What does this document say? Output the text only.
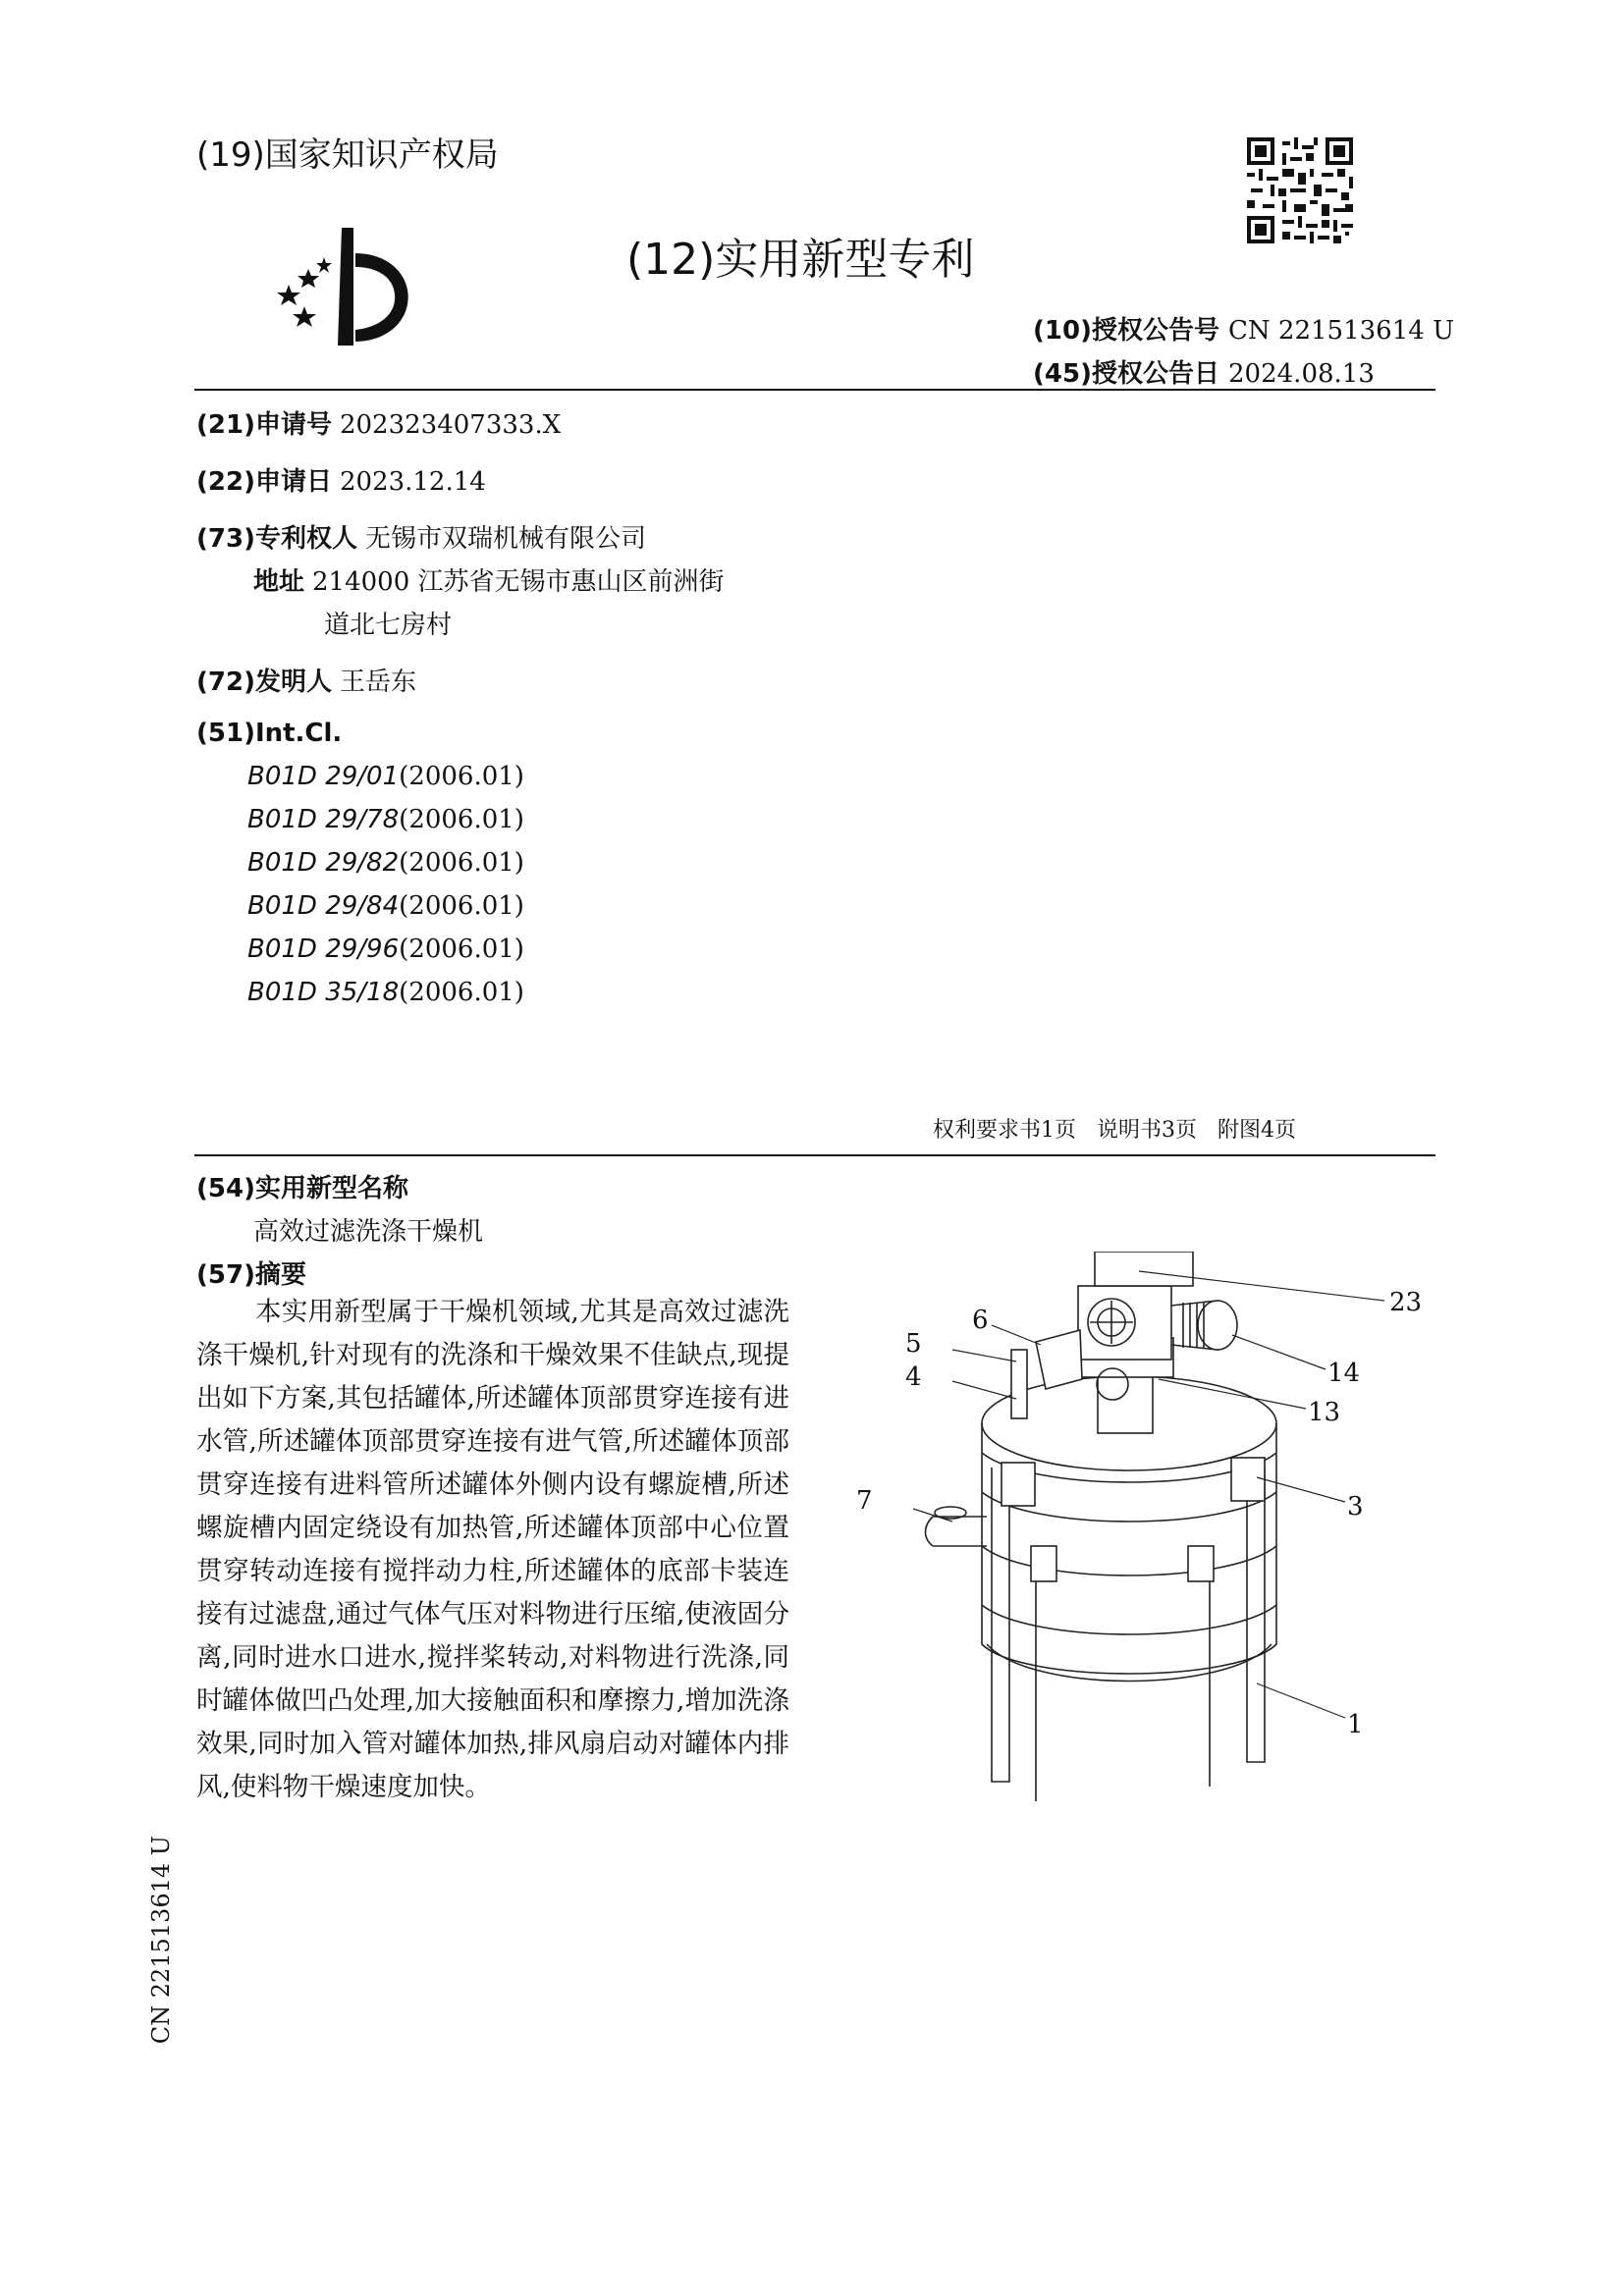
(19)国家知识产权局
(12)实用新型专利
(10)授权公告号 CN 221513614 U
(45)授权公告日 2024.08.13
(21)申请号 202323407333.X
(22)申请日 2023.12.14
(73)专利权人 无锡市双瑞机械有限公司
地址 214000 江苏省无锡市惠山区前洲街
道北七房村
(72)发明人 王岳东
(51)Int.Cl.
B01D 29/01(2006.01)
B01D 29/78(2006.01)
B01D 29/82(2006.01)
B01D 29/84(2006.01)
B01D 29/96(2006.01)
B01D 35/18(2006.01)
权利要求书1页 说明书3页 附图4页
(54)实用新型名称
高效过滤洗涤干燥机
(57)摘要
本实用新型属于干燥机领域,尤其是高效过滤洗涤干燥机,针对现有的洗涤和干燥效果不佳缺点,现提出如下方案,其包括罐体,所述罐体顶部贯穿连接有进水管,所述罐体顶部贯穿连接有进气管,所述罐体顶部贯穿连接有进料管所述罐体外侧内设有螺旋槽,所述螺旋槽内固定绕设有加热管,所述罐体顶部中心位置贯穿转动连接有搅拌动力柱,所述罐体的底部卡装连接有过滤盘,通过气体气压对料物进行压缩,使液固分离,同时进水口进水,搅拌桨转动,对料物进行洗涤,同时罐体做凹凸处理,加大接触面积和摩擦力,增加洗涤效果,同时加入管对罐体加热,排风扇启动对罐体内排风,使料物干燥速度加快。
CN 221513614 U
23
6
5
14
4
13
3
7
1
